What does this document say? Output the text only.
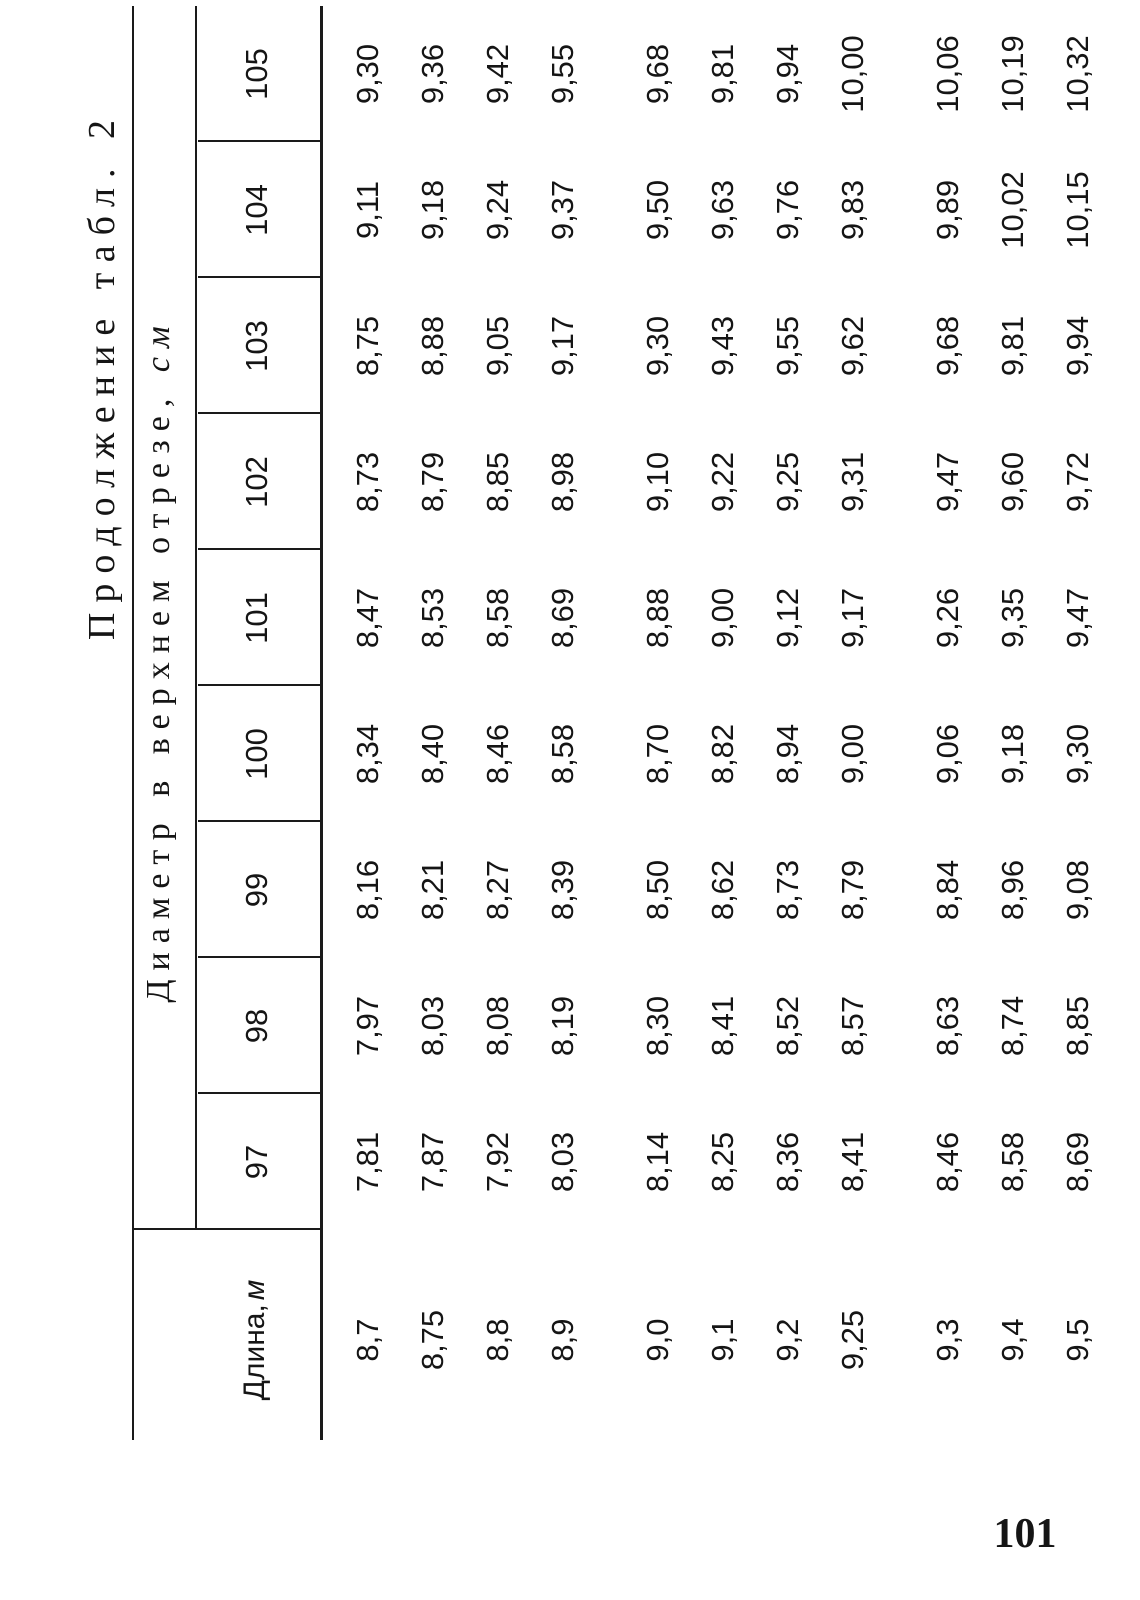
Продолжение табл. 2
Диаметр в верхнем отрезе, см
Длина,
м
8,7
7,81
7,97
8,16
8,34
8,47
8,73
8,75
9,11
9,30
8,75
7,87
8,03
8,21
8,40
8,53
8,79
8,88
9,18
9,36
8,8
7,92
8,08
8,27
8,46
8,58
8,85
9,05
9,24
9,42
8,9
8,03
8,19
8,39
8,58
8,69
8,98
9,17
9,37
9,55
9,0
8,14
8,30
8,50
8,70
8,88
9,10
9,30
9,50
9,68
9,1
8,25
8,41
8,62
8,82
9,00
9,22
9,43
9,63
9,81
9,2
8,36
8,52
8,73
8,94
9,12
9,25
9,55
9,76
9,94
9,25
8,41
8,57
8,79
9,00
9,17
9,31
9,62
9,83
10,00
9,3
8,46
8,63
8,84
9,06
9,26
9,47
9,68
9,89
10,06
9,4
8,58
8,74
8,96
9,18
9,35
9,60
9,81
10,02
10,19
9,5
8,69
8,85
9,08
9,30
9,47
9,72
9,94
10,15
10,32
97
98
99
100
101
102
103
104
105
101
